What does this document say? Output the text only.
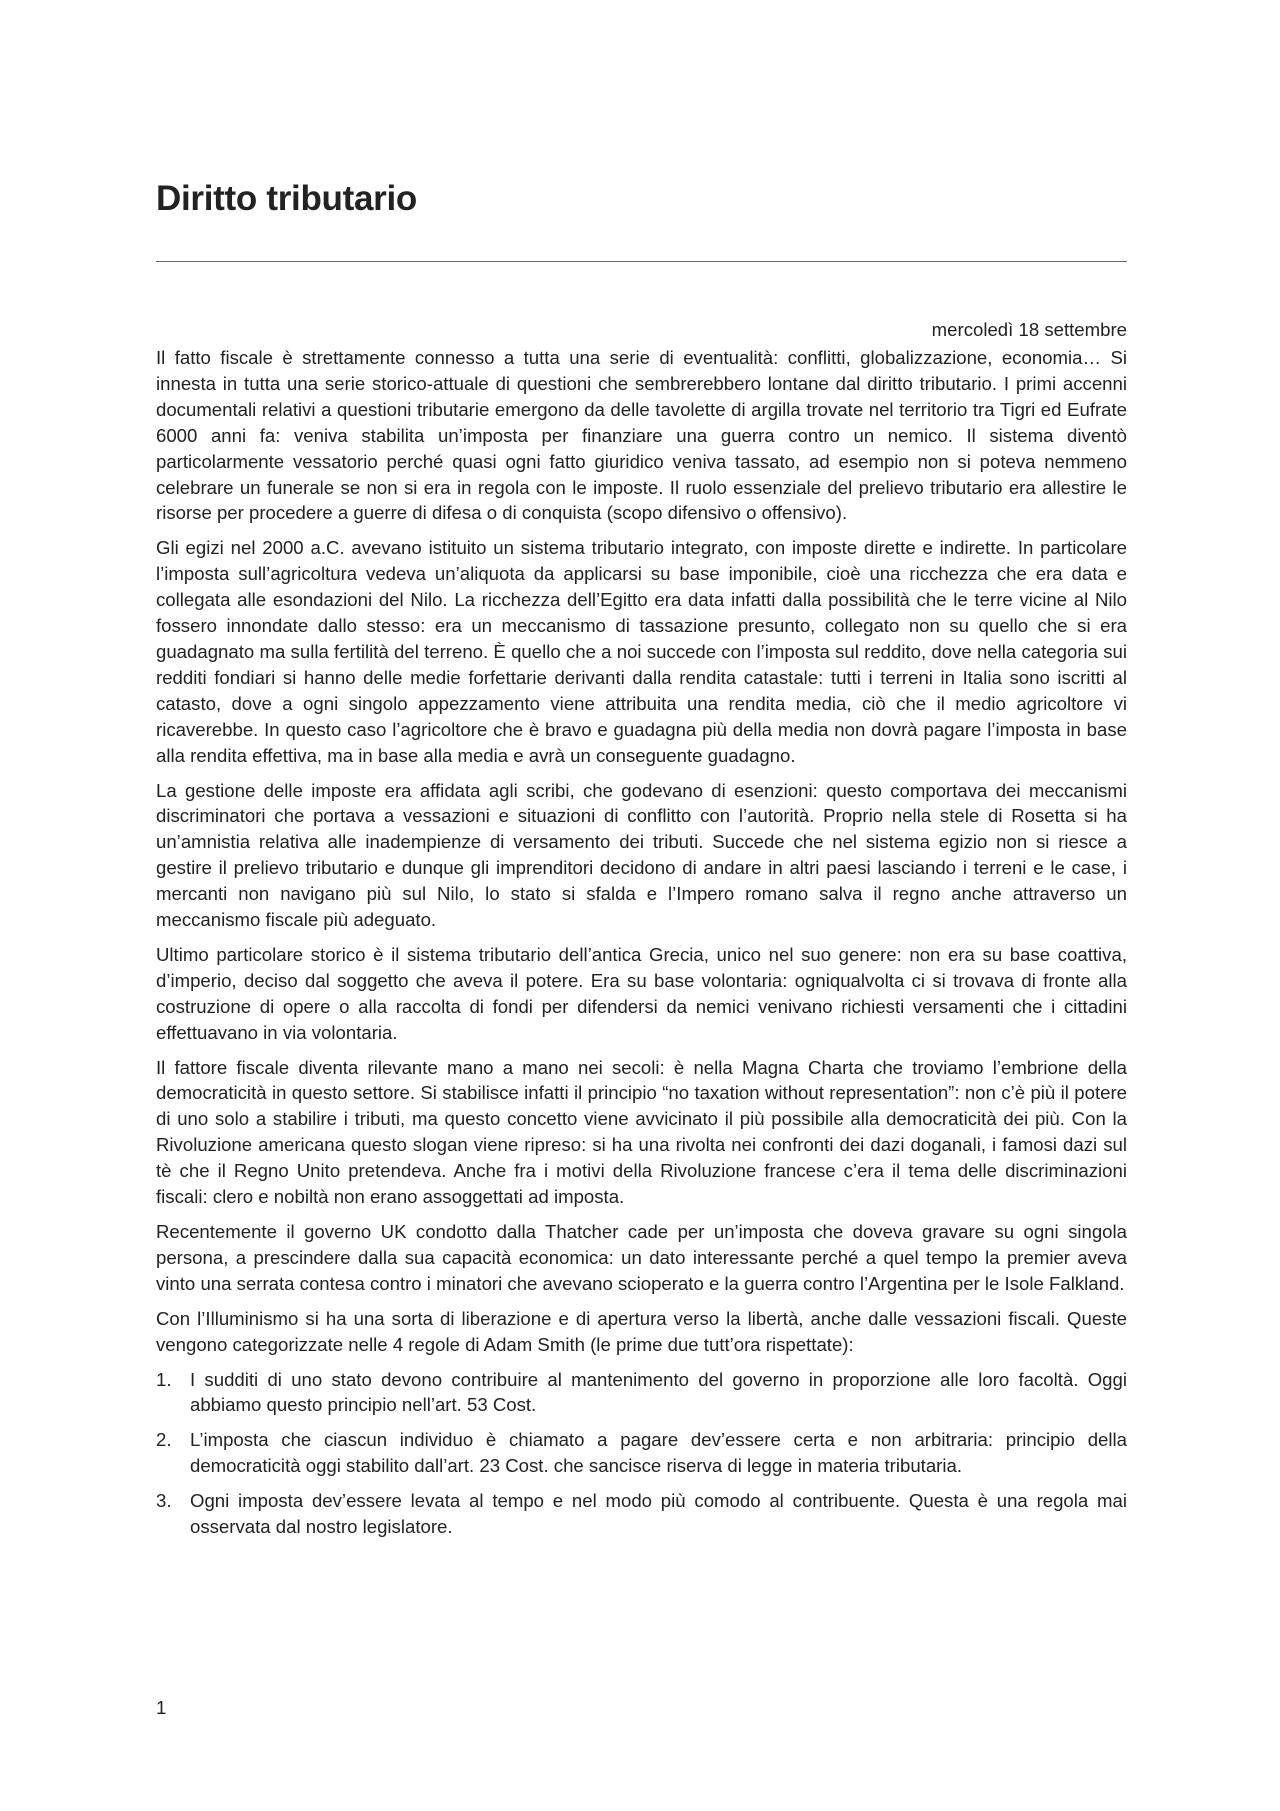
Diritto tributario
mercoledì 18 settembre

Il fatto fiscale è strettamente connesso a tutta una serie di eventualità: conflitti, globalizzazione, economia… Si innesta in tutta una serie storico-attuale di questioni che sembrerebbero lontane dal diritto tributario. I primi accenni documentali relativi a questioni tributarie emergono da delle tavolette di argilla trovate nel territorio tra Tigri ed Eufrate 6000 anni fa: veniva stabilita un’imposta per finanziare una guerra contro un nemico. Il sistema diventò particolarmente vessatorio perché quasi ogni fatto giuridico veniva tassato, ad esempio non si poteva nemmeno celebrare un funerale se non si era in regola con le imposte. Il ruolo essenziale del prelievo tributario era allestire le risorse per procedere a guerre di difesa o di conquista (scopo difensivo o offensivo).

Gli egizi nel 2000 a.C. avevano istituito un sistema tributario integrato, con imposte dirette e indirette. In particolare l’imposta sull’agricoltura vedeva un’aliquota da applicarsi su base imponibile, cioè una ricchezza che era data e collegata alle esondazioni del Nilo. La ricchezza dell’Egitto era data infatti dalla possibilità che le terre vicine al Nilo fossero innondate dallo stesso: era un meccanismo di tassazione presunto, collegato non su quello che si era guadagnato ma sulla fertilità del terreno. È quello che a noi succede con l’imposta sul reddito, dove nella categoria sui redditi fondiari si hanno delle medie forfettarie derivanti dalla rendita catastale: tutti i terreni in Italia sono iscritti al catasto, dove a ogni singolo appezzamento viene attribuita una rendita media, ciò che il medio agricoltore vi ricaverebbe. In questo caso l’agricoltore che è bravo e guadagna più della media non dovrà pagare l’imposta in base alla rendita effettiva, ma in base alla media e avrà un conseguente guadagno.

La gestione delle imposte era affidata agli scribi, che godevano di esenzioni: questo comportava dei meccanismi discriminatori che portava a vessazioni e situazioni di conflitto con l’autorità. Proprio nella stele di Rosetta si ha un’amnistia relativa alle inadempienze di versamento dei tributi. Succede che nel sistema egizio non si riesce a gestire il prelievo tributario e dunque gli imprenditori decidono di andare in altri paesi lasciando i terreni e le case, i mercanti non navigano più sul Nilo, lo stato si sfalda e l’Impero romano salva il regno anche attraverso un meccanismo fiscale più adeguato.

Ultimo particolare storico è il sistema tributario dell’antica Grecia, unico nel suo genere: non era su base coattiva, d’imperio, deciso dal soggetto che aveva il potere. Era su base volontaria: ogniqualvolta ci si trovava di fronte alla costruzione di opere o alla raccolta di fondi per difendersi da nemici venivano richiesti versamenti che i cittadini effettuavano in via volontaria.

Il fattore fiscale diventa rilevante mano a mano nei secoli: è nella Magna Charta che troviamo l’embrione della democraticità in questo settore. Si stabilisce infatti il principio “no taxation without representation”: non c’è più il potere di uno solo a stabilire i tributi, ma questo concetto viene avvicinato il più possibile alla democraticità dei più. Con la Rivoluzione americana questo slogan viene ripreso: si ha una rivolta nei confronti dei dazi doganali, i famosi dazi sul tè che il Regno Unito pretendeva. Anche fra i motivi della Rivoluzione francese c’era il tema delle discriminazioni fiscali: clero e nobiltà non erano assoggettati ad imposta.

Recentemente il governo UK condotto dalla Thatcher cade per un’imposta che doveva gravare su ogni singola persona, a prescindere dalla sua capacità economica: un dato interessante perché a quel tempo la premier aveva vinto una serrata contesa contro i minatori che avevano scioperato e la guerra contro l’Argentina per le Isole Falkland.

Con l’Illuminismo si ha una sorta di liberazione e di apertura verso la libertà, anche dalle vessazioni fiscali. Queste vengono categorizzate nelle 4 regole di Adam Smith (le prime due tutt’ora rispettate):

1. I sudditi di uno stato devono contribuire al mantenimento del governo in proporzione alle loro facoltà. Oggi abbiamo questo principio nell’art. 53 Cost.
2. L’imposta che ciascun individuo è chiamato a pagare dev’essere certa e non arbitraria: principio della democraticità oggi stabilito dall’art. 23 Cost. che sancisce riserva di legge in materia tributaria.
3. Ogni imposta dev’essere levata al tempo e nel modo più comodo al contribuente. Questa è una regola mai osservata dal nostro legislatore.
1
